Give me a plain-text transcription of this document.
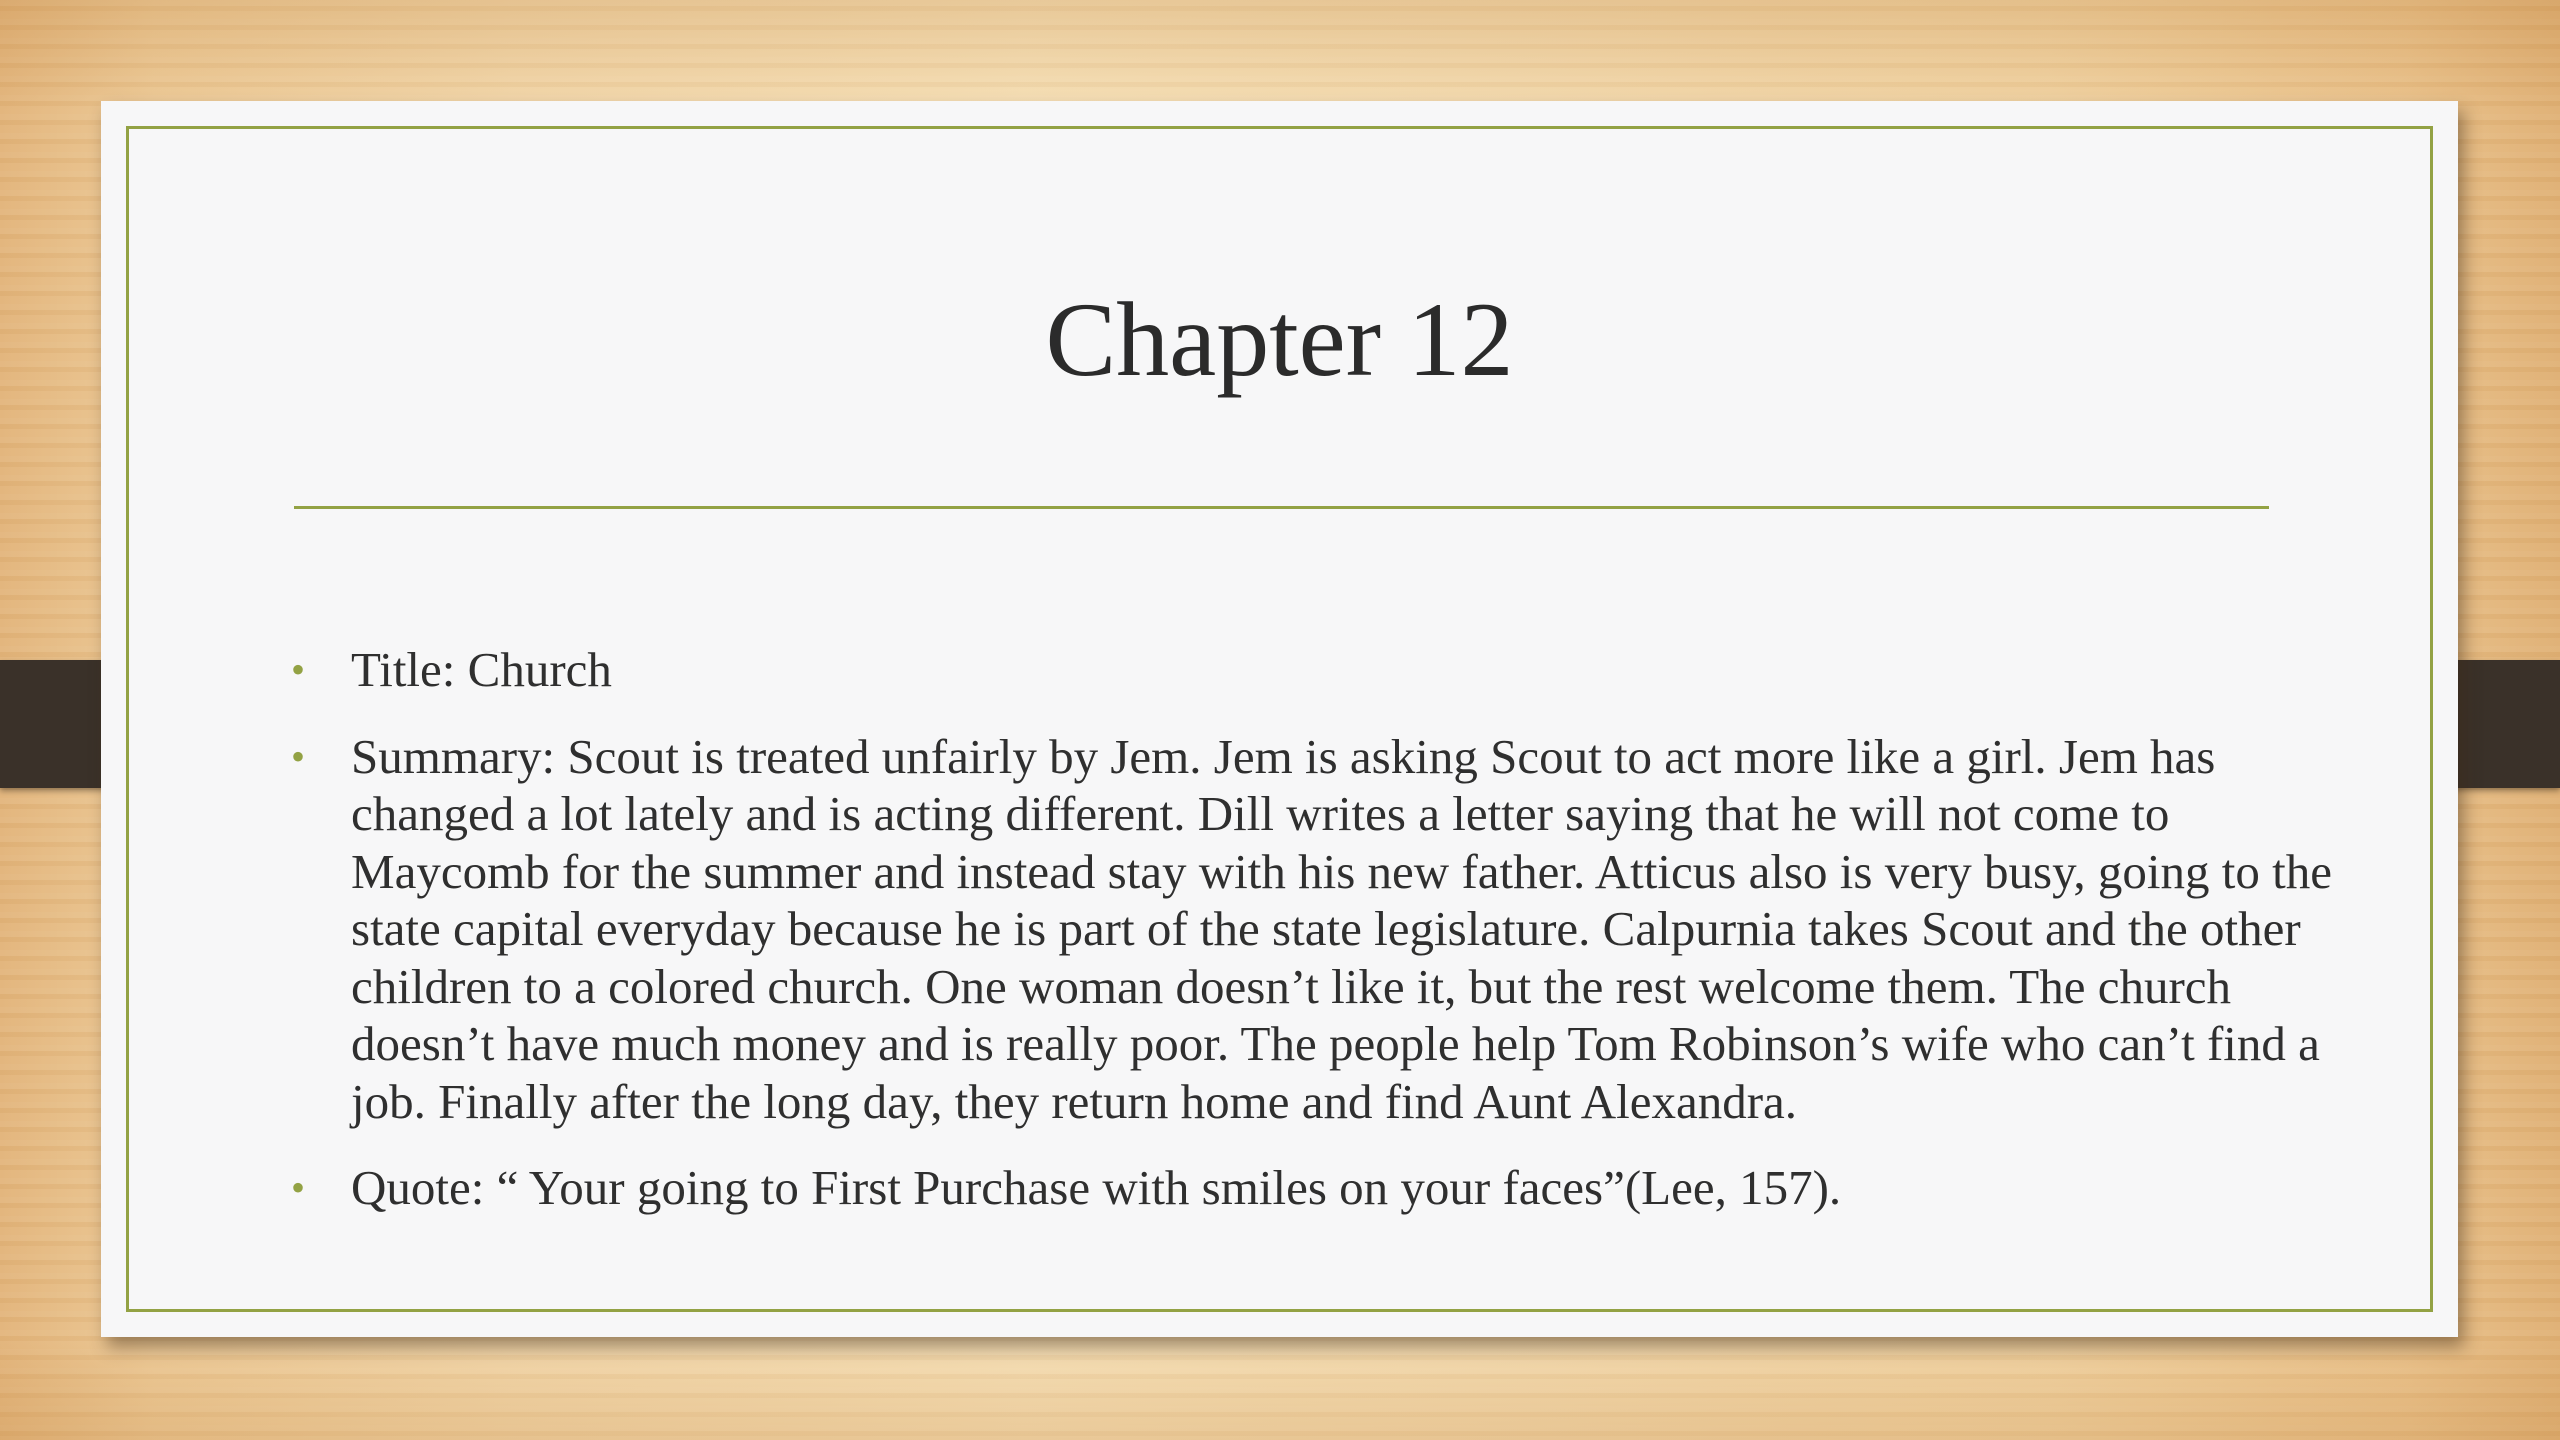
Chapter 12
• Title: Church
• Summary: Scout is treated unfairly by Jem. Jem is asking Scout to act more like a girl. Jem has changed a lot lately and is acting different. Dill writes a letter saying that he will not come to Maycomb for the summer and instead stay with his new father. Atticus also is very busy, going to the state capital everyday because he is part of the state legislature. Calpurnia takes Scout and the other children to a colored church. One woman doesn’t like it, but the rest welcome them. The church doesn’t have much money and is really poor. The people help Tom Robinson’s wife who can’t find a job. Finally after the long day, they return home and find Aunt Alexandra.
• Quote: “ Your going to First Purchase with smiles on your faces”(Lee, 157).
